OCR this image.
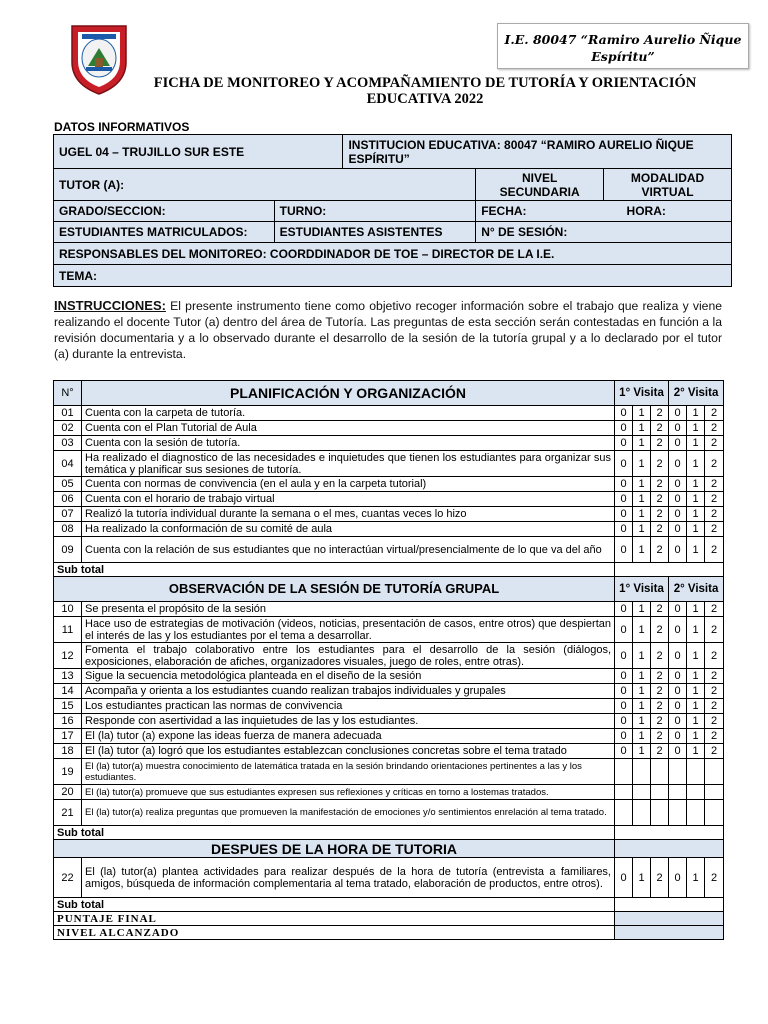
I.E. 80047 “Ramiro Aurelio Ñique Espíritu”
FICHA DE MONITOREO Y ACOMPAÑAMIENTO DE TUTORÍA Y ORIENTACIÓN EDUCATIVA 2022
DATOS INFORMATIVOS
UGEL 04 – TRUJILLO SUR ESTE		INSTITUCION EDUCATIVA: 80047 “RAMIRO AURELIO ÑIQUE ESPÍRITU”		
TUTOR (A):			NIVEL SECUNDARIA	MODALIDAD VIRTUAL
GRADO/SECCION:	TURNO:		FECHA: HORA:	
ESTUDIANTES MATRICULADOS:	ESTUDIANTES ASISTENTES		N° DE SESIÓN:	
RESPONSABLES DEL MONITOREO: COORDDINADOR DE TOE – DIRECTOR DE LA I.E.				
TEMA:				
INSTRUCCIONES: El presente instrumento tiene como objetivo recoger información sobre el trabajo que realiza y viene realizando el docente Tutor (a) dentro del área de Tutoría. Las preguntas de esta sección serán contestadas en función a la revisión documentaria y a lo observado durante el desarrollo de la sesión de la tutoría grupal y a lo declarado por el tutor (a) durante la entrevista.
N°	PLANIFICACIÓN Y ORGANIZACIÓN	1° Visita			2° Visita		
01	Cuenta con la carpeta de tutoría.	0	1	2	0	1	2
02	Cuenta con el Plan Tutorial de Aula	0	1	2	0	1	2
03	Cuenta con la sesión de tutoría.	0	1	2	0	1	2
04	Ha realizado el diagnostico de las necesidades e inquietudes que tienen los estudiantes para organizar sus temática y planificar sus sesiones de tutoría.	0	1	2	0	1	2
05	Cuenta con normas de convivencia (en el aula y en la carpeta tutorial)	0	1	2	0	1	2
06	Cuenta con el horario de trabajo virtual	0	1	2	0	1	2
07	Realizó la tutoría individual durante la semana o el mes, cuantas veces lo hizo	0	1	2	0	1	2
08	Ha realizado la conformación de su comité de aula	0	1	2	0	1	2
09	Cuenta con la relación de sus estudiantes que no interactúan virtual/presencialmente de lo que va del año	0	1	2	0	1	2
Sub total							
OBSERVACIÓN DE LA SESIÓN DE TUTORÍA GRUPAL		1° Visita			2° Visita		
10	Se presenta el propósito de la sesión	0	1	2	0	1	2
11	Hace uso de estrategias de motivación (videos, noticias, presentación de casos, entre otros) que despiertan el interés de las y los estudiantes por el tema a desarrollar.	0	1	2	0	1	2
12	Fomenta el trabajo colaborativo entre los estudiantes para el desarrollo de la sesión (diálogos, exposiciones, elaboración de afiches, organizadores visuales, juego de roles, entre otras).	0	1	2	0	1	2
13	Sigue la secuencia metodológica planteada en el diseño de la sesión	0	1	2	0	1	2
14	Acompaña y orienta a los estudiantes cuando realizan trabajos individuales y grupales	0	1	2	0	1	2
15	Los estudiantes practican las normas de convivencia	0	1	2	0	1	2
16	Responde con asertividad a las inquietudes de las y los estudiantes.	0	1	2	0	1	2
17	El (la) tutor (a) expone las ideas fuerza de manera adecuada	0	1	2	0	1	2
18	El (la) tutor (a) logró que los estudiantes establezcan conclusiones concretas sobre el tema tratado	0	1	2	0	1	2
19	El (la) tutor(a) muestra conocimiento de latemática tratada en la sesión brindando orientaciones pertinentes a las y los estudiantes.						
20	El (la) tutor(a) promueve que sus estudiantes expresen sus reflexiones y críticas en torno a lostemas tratados.						
21	El (la) tutor(a) realiza preguntas que promueven la manifestación de emociones y/o sentimientos enrelación al tema tratado.						
Sub total							
DESPUES DE LA HORA DE TUTORIA							
22	El (la) tutor(a) plantea actividades para realizar después de la hora de tutoría (entrevista a familiares, amigos, búsqueda de información complementaria al tema tratado, elaboración de productos, entre otros).	0	1	2	0	1	2
Sub total							
PUNTAJE FINAL							
NIVEL ALCANZADO							
